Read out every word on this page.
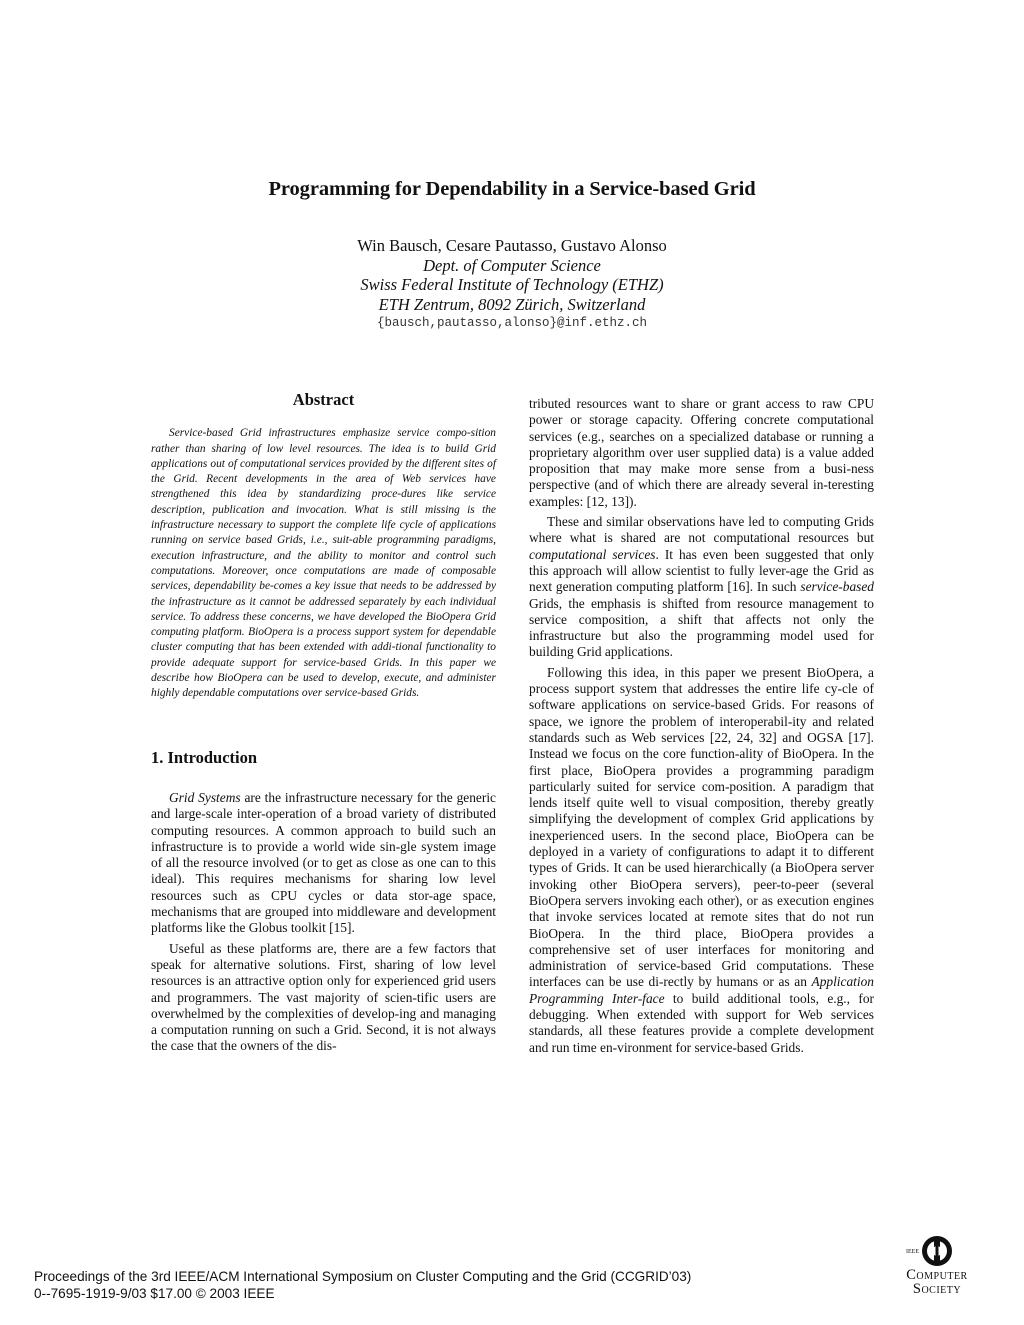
Programming for Dependability in a Service-based Grid
Win Bausch, Cesare Pautasso, Gustavo Alonso
Dept. of Computer Science
Swiss Federal Institute of Technology (ETHZ)
ETH Zentrum, 8092 Zürich, Switzerland
{bausch,pautasso,alonso}@inf.ethz.ch
Abstract

Service-based Grid infrastructures emphasize service compo-sition rather than sharing of low level resources. The idea is to build Grid applications out of computational services provided by the different sites of the Grid. Recent developments in the area of Web services have strengthened this idea by standardizing proce-dures like service description, publication and invocation. What is still missing is the infrastructure necessary to support the complete life cycle of applications running on service based Grids, i.e., suit-able programming paradigms, execution infrastructure, and the ability to monitor and control such computations. Moreover, once computations are made of composable services, dependability be-comes a key issue that needs to be addressed by the infrastructure as it cannot be addressed separately by each individual service. To address these concerns, we have developed the BioOpera Grid computing platform. BioOpera is a process support system for dependable cluster computing that has been extended with addi-tional functionality to provide adequate support for service-based Grids. In this paper we describe how BioOpera can be used to develop, execute, and administer highly dependable computations over service-based Grids.

1. Introduction

Grid Systems are the infrastructure necessary for the generic and large-scale inter-operation of a broad variety of distributed computing resources. A common approach to build such an infrastructure is to provide a world wide sin-gle system image of all the resource involved (or to get as close as one can to this ideal). This requires mechanisms for sharing low level resources such as CPU cycles or data stor-age space, mechanisms that are grouped into middleware and development platforms like the Globus toolkit [15].

Useful as these platforms are, there are a few factors that speak for alternative solutions. First, sharing of low level resources is an attractive option only for experienced grid users and programmers. The vast majority of scien-tific users are overwhelmed by the complexities of develop-ing and managing a computation running on such a Grid. Second, it is not always the case that the owners of the dis-

tributed resources want to share or grant access to raw CPU power or storage capacity. Offering concrete computational services (e.g., searches on a specialized database or running a proprietary algorithm over user supplied data) is a value added proposition that may make more sense from a busi-ness perspective (and of which there are already several in-teresting examples: [12, 13]).

These and similar observations have led to computing Grids where what is shared are not computational resources but computational services. It has even been suggested that only this approach will allow scientist to fully lever-age the Grid as next generation computing platform [16]. In such service-based Grids, the emphasis is shifted from resource management to service composition, a shift that affects not only the infrastructure but also the programming model used for building Grid applications.

Following this idea, in this paper we present BioOpera, a process support system that addresses the entire life cy-cle of software applications on service-based Grids. For reasons of space, we ignore the problem of interoperabil-ity and related standards such as Web services [22, 24, 32] and OGSA [17]. Instead we focus on the core function-ality of BioOpera. In the first place, BioOpera provides a programming paradigm particularly suited for service com-position. A paradigm that lends itself quite well to visual composition, thereby greatly simplifying the development of complex Grid applications by inexperienced users. In the second place, BioOpera can be deployed in a variety of configurations to adapt it to different types of Grids. It can be used hierarchically (a BioOpera server invoking other BioOpera servers), peer-to-peer (several BioOpera servers invoking each other), or as execution engines that invoke services located at remote sites that do not run BioOpera. In the third place, BioOpera provides a comprehensive set of user interfaces for monitoring and administration of service-based Grid computations. These interfaces can be use di-rectly by humans or as an Application Programming Inter-face to build additional tools, e.g., for debugging. When extended with support for Web services standards, all these features provide a complete development and run time en-vironment for service-based Grids.

Proceedings of the 3rd IEEE/ACM International Symposium on Cluster Computing and the Grid (CCGRID’03)
0--7695-1919-9/03 $17.00 © 2003 IEEE
IEEE
Computer
Society
